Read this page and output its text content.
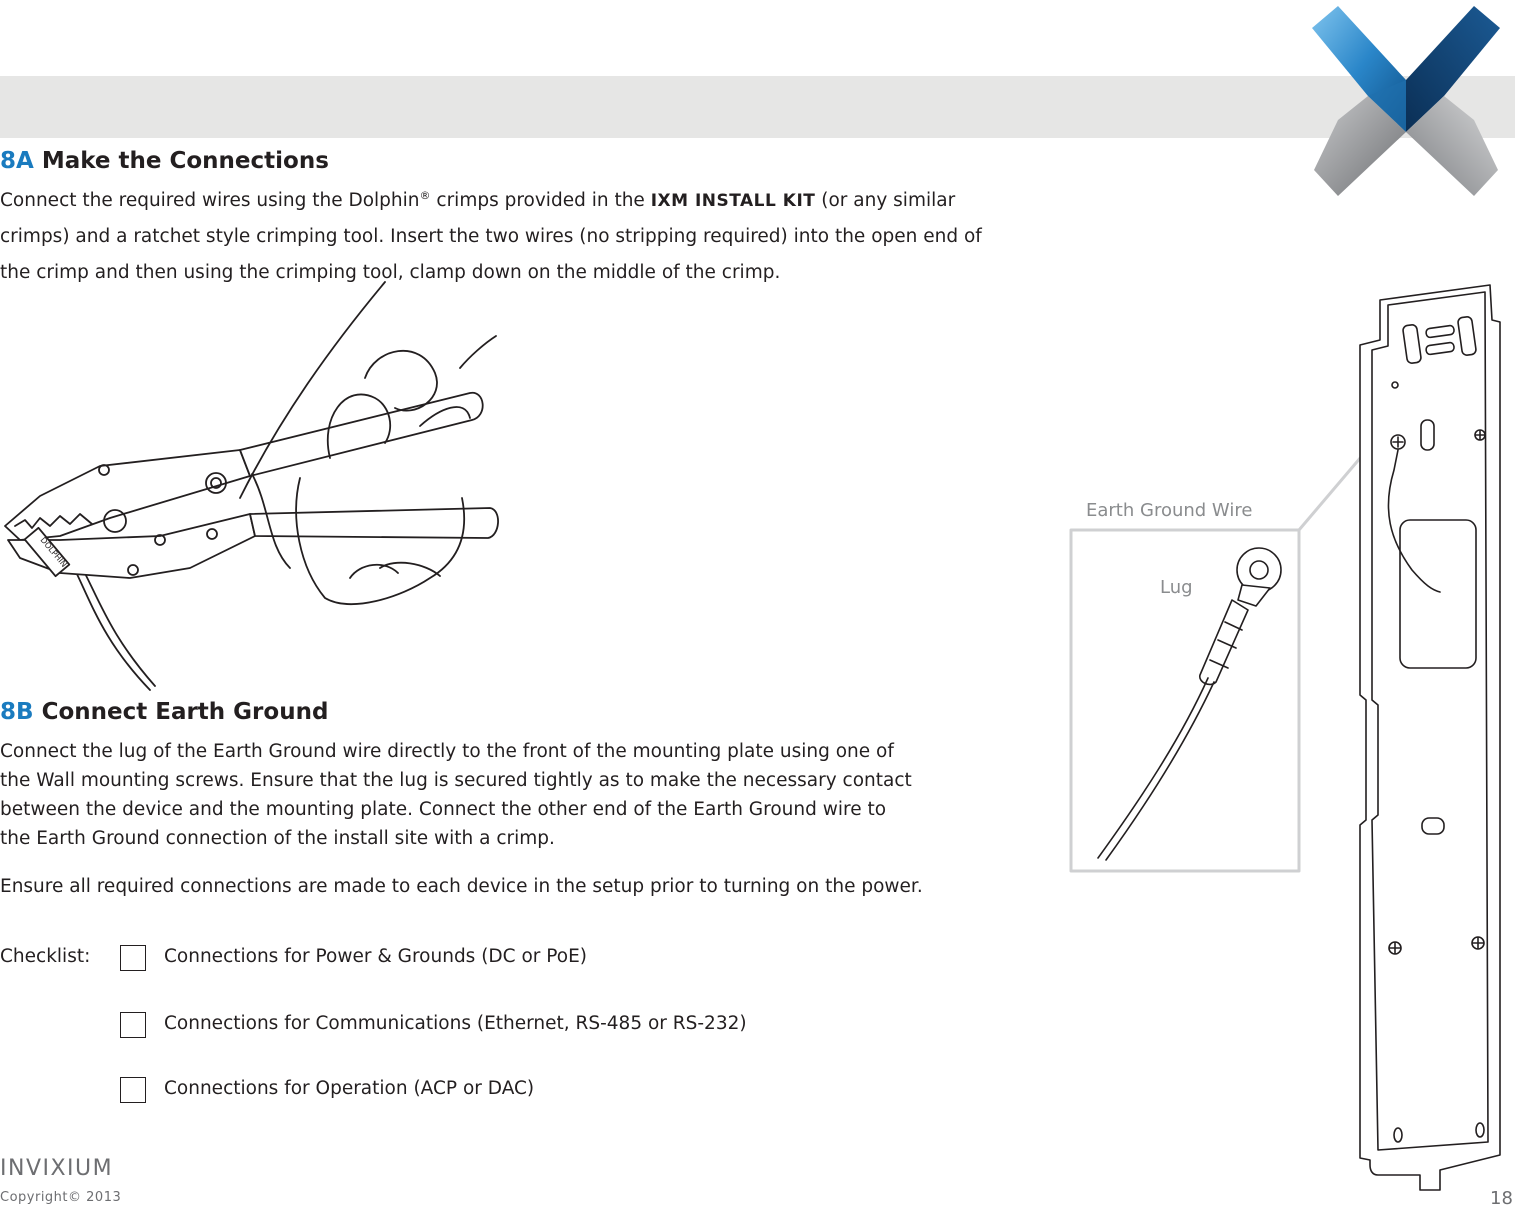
8A Make the Connections
Connect the required wires using the Dolphin® crimps provided in the IXM INSTALL KIT (or any similar
crimps) and a ratchet style crimping tool. Insert the two wires (no stripping required) into the open end of
the crimp and then using the crimping tool, clamp down on the middle of the crimp.
DOLPHIN
8B Connect Earth Ground
Connect the lug of the Earth Ground wire directly to the front of the mounting plate using one of
the Wall mounting screws. Ensure that the lug is secured tightly as to make the necessary contact
between the device and the mounting plate. Connect the other end of the Earth Ground wire to
the Earth Ground connection of the install site with a crimp.
Ensure all required connections are made to each device in the setup prior to turning on the power.
Checklist:	Connections for Power & Grounds (DC or PoE)
Connections for Communications (Ethernet, RS-485 or RS-232)
Connections for Operation (ACP or DAC)
Earth Ground Wire
Lug
INVIXIUM
Copyright© 2013	18
